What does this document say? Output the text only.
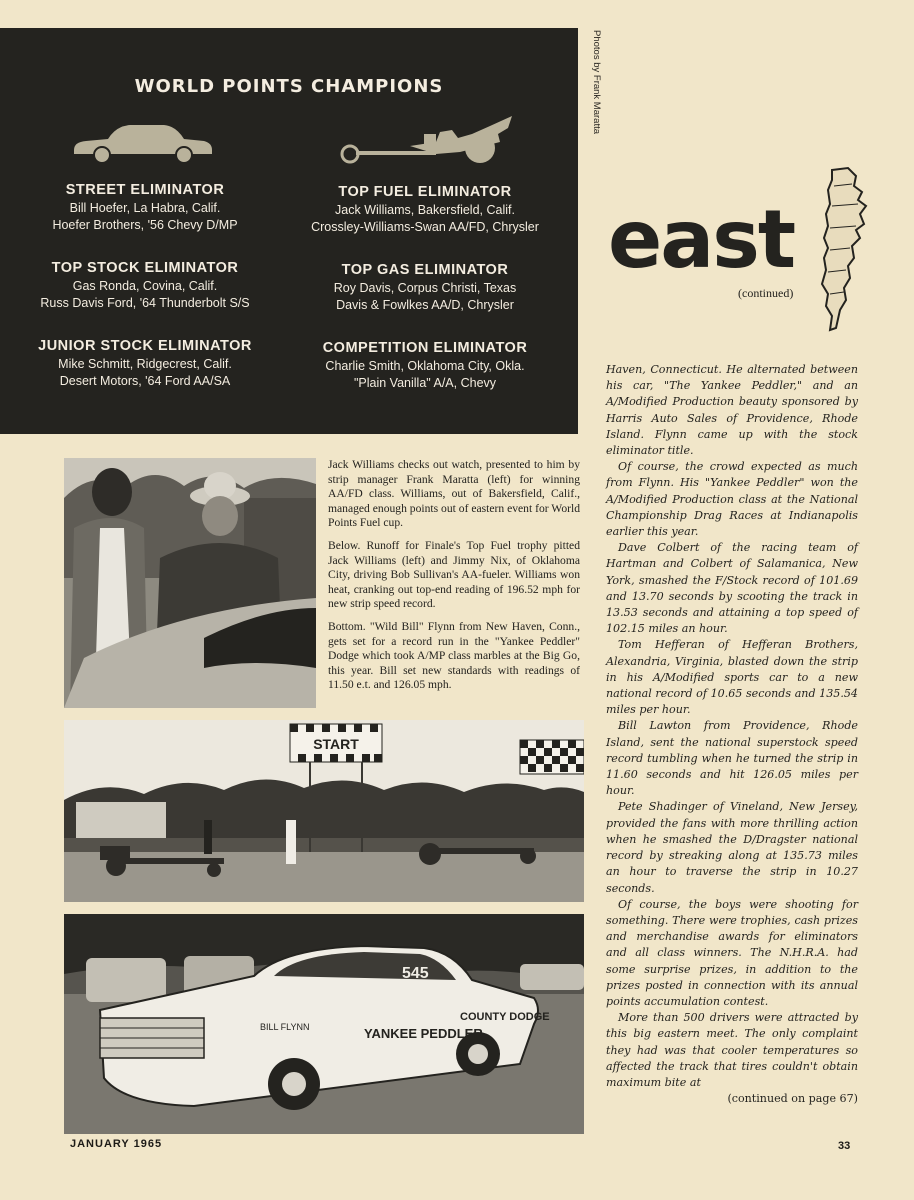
WORLD POINTS CHAMPIONS
STREET ELIMINATOR
Bill Hoefer, La Habra, Calif.
Hoefer Brothers, '56 Chevy D/MP
TOP FUEL ELIMINATOR
Jack Williams, Bakersfield, Calif.
Crossley-Williams-Swan AA/FD, Chrysler
TOP STOCK ELIMINATOR
Gas Ronda, Covina, Calif.
Russ Davis Ford, '64 Thunderbolt S/S
TOP GAS ELIMINATOR
Roy Davis, Corpus Christi, Texas
Davis & Fowlkes AA/D, Chrysler
JUNIOR STOCK ELIMINATOR
Mike Schmitt, Ridgecrest, Calif.
Desert Motors, '64 Ford AA/SA
COMPETITION ELIMINATOR
Charlie Smith, Oklahoma City, Okla.
"Plain Vanilla" A/A, Chevy
Photos by Frank Maratta
east
(continued)

Jack Williams checks out watch, presented to him by strip manager Frank Maratta (left) for winning AA/FD class. Williams, out of Bakersfield, Calif., managed enough points out of eastern event for World Points Fuel cup.

Below. Runoff for Finale's Top Fuel trophy pitted Jack Williams (left) and Jimmy Nix, of Oklahoma City, driving Bob Sullivan's AA-fueler. Williams won heat, cranking out top-end reading of 196.52 mph for new strip speed record.

Bottom. "Wild Bill" Flynn from New Haven, Conn., gets set for a record run in the "Yankee Peddler" Dodge which took A/MP class marbles at the Big Go, this year. Bill set new standards with readings of 11.50 e.t. and 126.05 mph.

START
545
BILL FLYNN	YANKEE PEDDLER
COUNTY DODGE

Haven, Connecticut. He alternated between his car, "The Yankee Peddler," and an A/Modified Production beauty sponsored by Harris Auto Sales of Providence, Rhode Island. Flynn came up with the stock eliminator title.

Of course, the crowd expected as much from Flynn. His "Yankee Peddler" won the A/Modified Production class at the National Championship Drag Races at Indianapolis earlier this year.

Dave Colbert of the racing team of Hartman and Colbert of Salamanica, New York, smashed the F/Stock record of 101.69 and 13.70 seconds by scooting the track in 13.53 seconds and attaining a top speed of 102.15 miles an hour.

Tom Hefferan of Hefferan Brothers, Alexandria, Virginia, blasted down the strip in his A/Modified sports car to a new national record of 10.65 seconds and 135.54 miles per hour.

Bill Lawton from Providence, Rhode Island, sent the national superstock speed record tumbling when he turned the strip in 11.60 seconds and hit 126.05 miles per hour.

Pete Shadinger of Vineland, New Jersey, provided the fans with more thrilling action when he smashed the D/Dragster national record by streaking along at 135.73 miles an hour to traverse the strip in 10.27 seconds.

Of course, the boys were shooting for something. There were trophies, cash prizes and merchandise awards for eliminators and all class winners. The N.H.R.A. had some surprise prizes, in addition to the prizes posted in connection with its annual points accumulation contest.

More than 500 drivers were attracted by this big eastern meet. The only complaint they had was that cooler temperatures so affected the track that tires couldn't obtain maximum bite at

(continued on page 67)

JANUARY 1965	33
